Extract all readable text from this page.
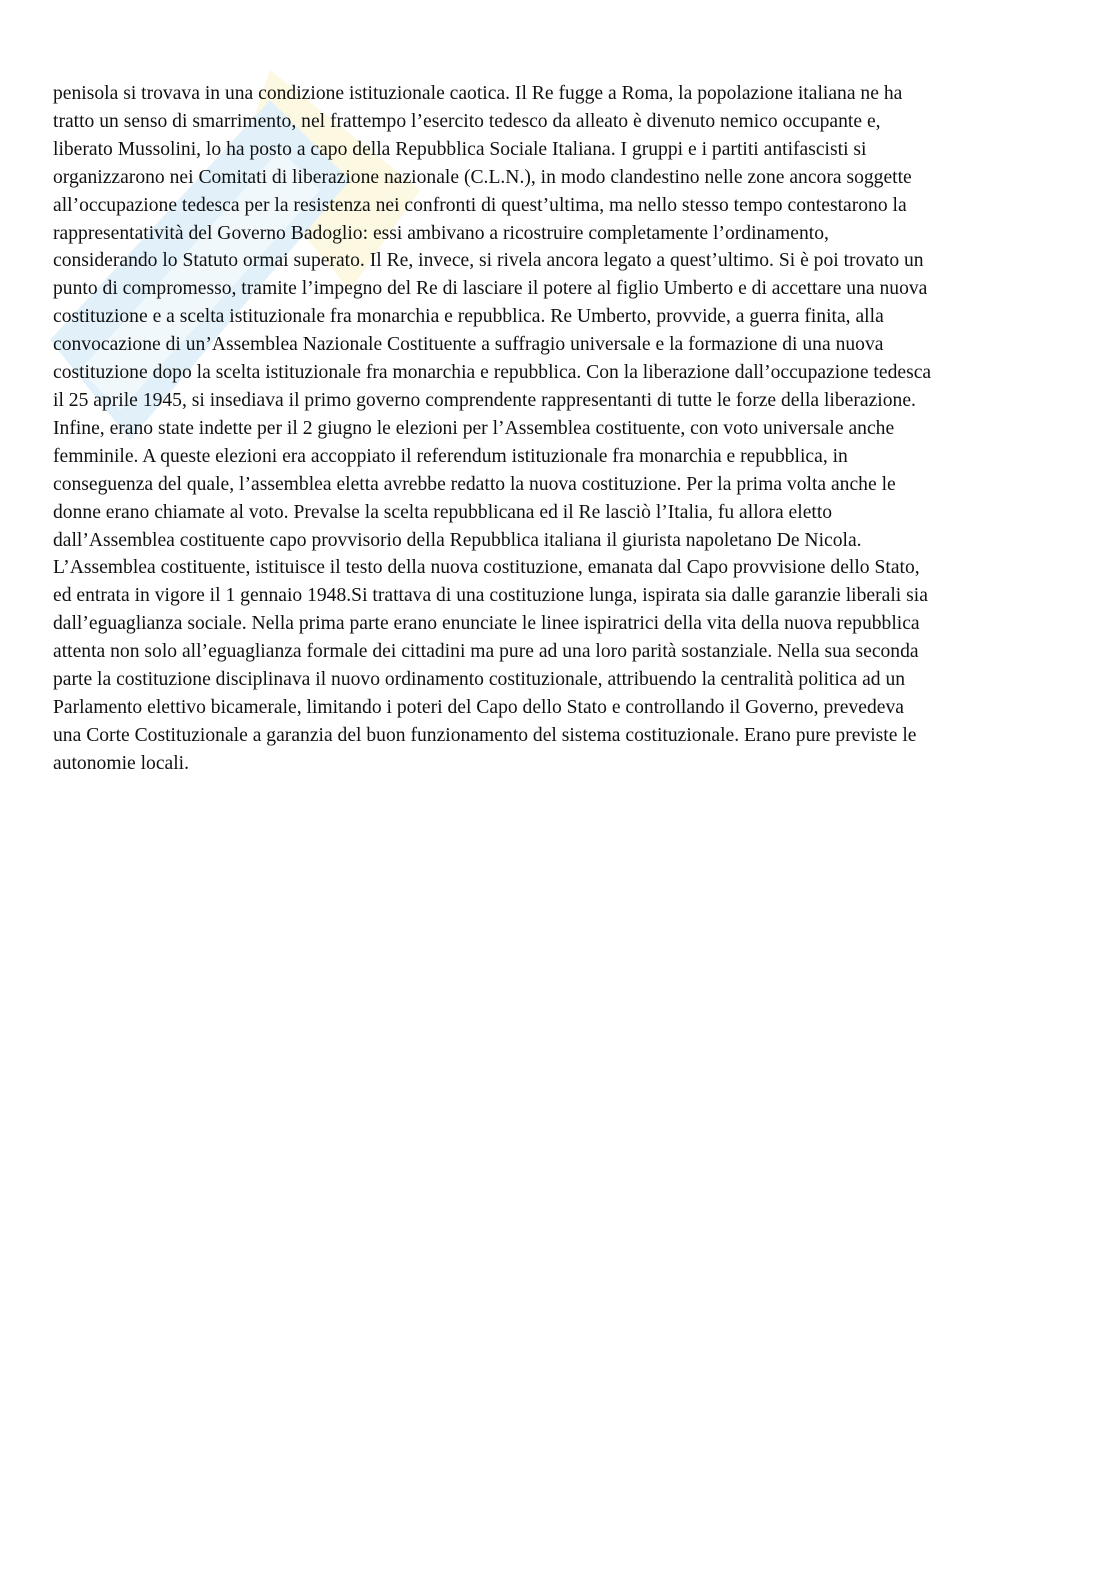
penisola si trovava in una condizione istituzionale caotica. Il Re fugge a Roma, la popolazione italiana ne ha
tratto un senso di smarrimento, nel frattempo l’esercito tedesco da alleato è divenuto nemico occupante e,
liberato Mussolini, lo ha posto a capo della Repubblica Sociale Italiana. I gruppi e i partiti antifascisti si
organizzarono nei Comitati di liberazione nazionale (C.L.N.), in modo clandestino nelle zone ancora soggette
all’occupazione tedesca per la resistenza nei confronti di quest’ultima, ma nello stesso tempo contestarono la
rappresentatività del Governo Badoglio: essi ambivano a ricostruire completamente l’ordinamento,
considerando lo Statuto ormai superato. Il Re, invece, si rivela ancora legato a quest’ultimo. Si è poi trovato un
punto di compromesso, tramite l’impegno del Re di lasciare il potere al figlio Umberto e di accettare una nuova
costituzione e a scelta istituzionale fra monarchia e repubblica. Re Umberto, provvide, a guerra finita, alla
convocazione di un’Assemblea Nazionale Costituente a suffragio universale e la formazione di una nuova
costituzione dopo la scelta istituzionale fra monarchia e repubblica. Con la liberazione dall’occupazione tedesca
il 25 aprile 1945, si insediava il primo governo comprendente rappresentanti di tutte le forze della liberazione.
Infine, erano state indette per il 2 giugno le elezioni per l’Assemblea costituente, con voto universale anche
femminile. A queste elezioni era accoppiato il referendum istituzionale fra monarchia e repubblica, in
conseguenza del quale, l’assemblea eletta avrebbe redatto la nuova costituzione. Per la prima volta anche le
donne erano chiamate al voto. Prevalse la scelta repubblicana ed il Re lasciò l’Italia, fu allora eletto
dall’Assemblea costituente capo provvisorio della Repubblica italiana il giurista napoletano De Nicola.
L’Assemblea costituente, istituisce il testo della nuova costituzione, emanata dal Capo provvisione dello Stato,
ed entrata in vigore il 1 gennaio 1948.Si trattava di una costituzione lunga, ispirata sia dalle garanzie liberali sia
dall’eguaglianza sociale. Nella prima parte erano enunciate le linee ispiratrici della vita della nuova repubblica
attenta non solo all’eguaglianza formale dei cittadini ma pure ad una loro parità sostanziale. Nella sua seconda
parte la costituzione disciplinava il nuovo ordinamento costituzionale, attribuendo la centralità politica ad un
Parlamento elettivo bicamerale, limitando i poteri del Capo dello Stato e controllando il Governo, prevedeva
una Corte Costituzionale a garanzia del buon funzionamento del sistema costituzionale. Erano pure previste le
autonomie locali.
